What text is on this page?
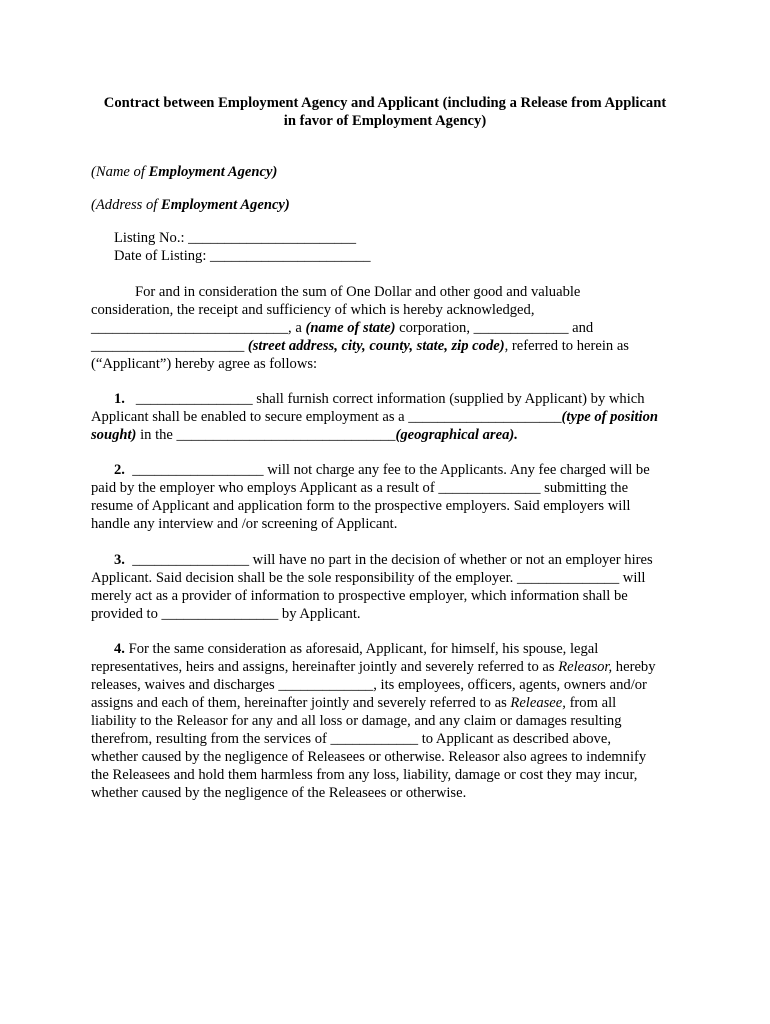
Contract between Employment Agency and Applicant (including a Release from Applicant
in favor of Employment Agency)
(Name of Employment Agency)
(Address of Employment Agency)
Listing No.: _______________________
Date of Listing: ______________________
For and in consideration the sum of One Dollar and other good and valuable
consideration, the receipt and sufficiency of which is hereby acknowledged,
___________________________, a (name of state) corporation, _____________ and
_____________________ (street address, city, county, state, zip code), referred to herein as
(“Applicant”) hereby agree as follows:
1.   ________________ shall furnish correct information (supplied by Applicant) by which
Applicant shall be enabled to secure employment as a _____________________(type of position
sought) in the ______________________________(geographical area).
2.  __________________ will not charge any fee to the Applicants. Any fee charged will be
paid by the employer who employs Applicant as a result of ______________ submitting the
resume of Applicant and application form to the prospective employers. Said employers will
handle any interview and /or screening of Applicant.
3.  ________________ will have no part in the decision of whether or not an employer hires
Applicant. Said decision shall be the sole responsibility of the employer. ______________ will
merely act as a provider of information to prospective employer, which information shall be
provided to ________________ by Applicant.
4. For the same consideration as aforesaid, Applicant, for himself, his spouse, legal
representatives, heirs and assigns, hereinafter jointly and severely referred to as Releasor, hereby
releases, waives and discharges _____________, its employees, officers, agents, owners and/or
assigns and each of them, hereinafter jointly and severely referred to as Releasee, from all
liability to the Releasor for any and all loss or damage, and any claim or damages resulting
therefrom, resulting from the services of ____________ to Applicant as described above,
whether caused by the negligence of Releasees or otherwise. Releasor also agrees to indemnify
the Releasees and hold them harmless from any loss, liability, damage or cost they may incur,
whether caused by the negligence of the Releasees or otherwise.
